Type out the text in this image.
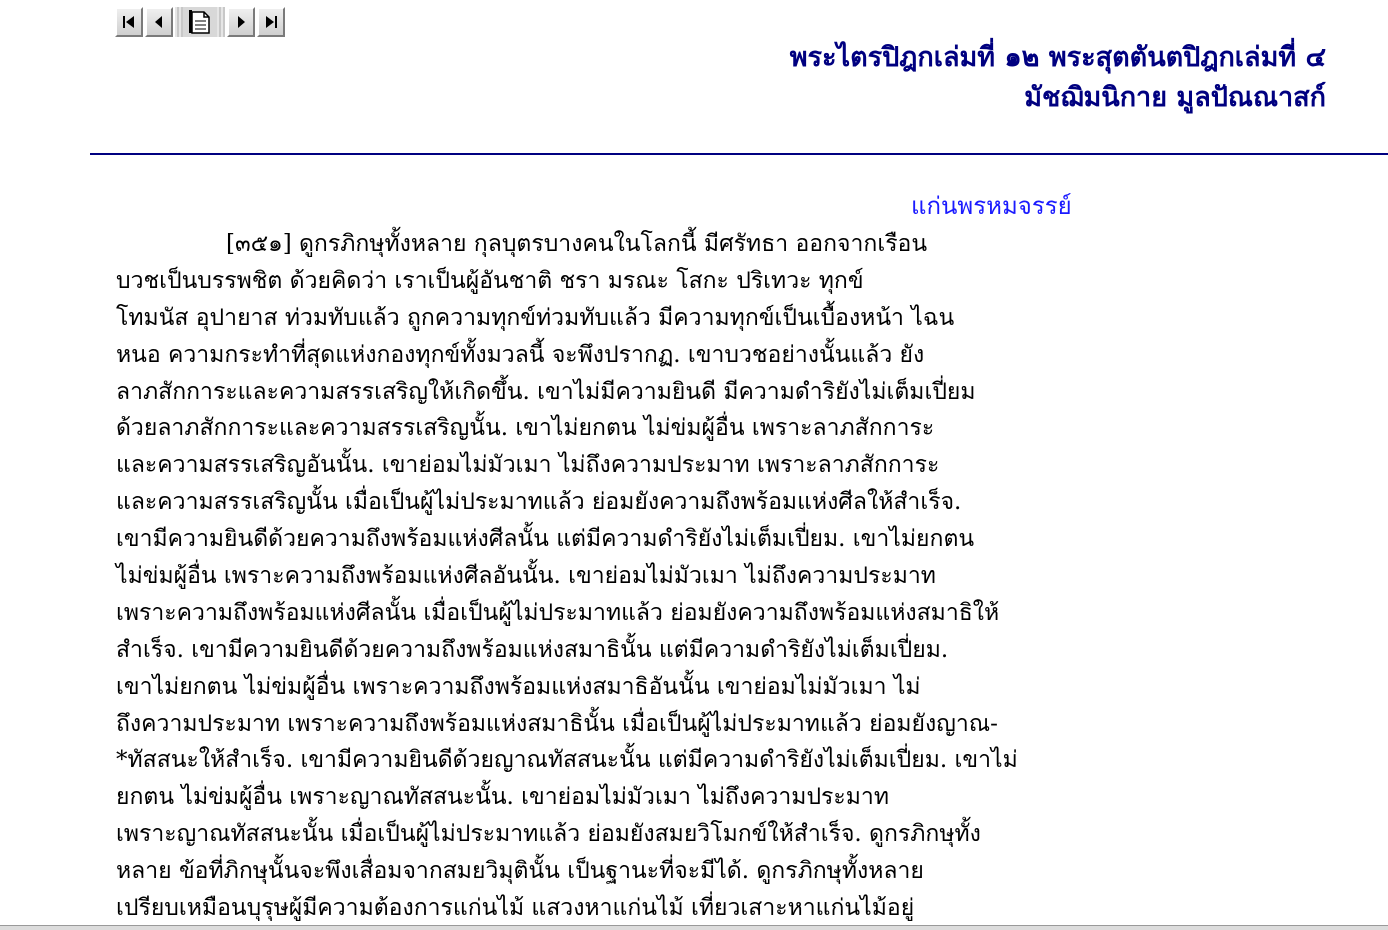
พระไตรปิฎกเล่มที่ ๑๒ พระสุตตันตปิฎกเล่มที่ ๔
มัชฌิมนิกาย มูลปัณณาสก์
แก่นพรหมจรรย์
[๓๕๑] ดูกรภิกษุทั้งหลาย กุลบุตรบางคนในโลกนี้ มีศรัทธา ออกจากเรือน
บวชเป็นบรรพชิต ด้วยคิดว่า เราเป็นผู้อันชาติ ชรา มรณะ โสกะ ปริเทวะ ทุกข์
โทมนัส อุปายาส ท่วมทับแล้ว ถูกความทุกข์ท่วมทับแล้ว มีความทุกข์เป็นเบื้องหน้า ไฉน
หนอ ความกระทำที่สุดแห่งกองทุกข์ทั้งมวลนี้ จะพึงปรากฏ. เขาบวชอย่างนั้นแล้ว ยัง
ลาภสักการะและความสรรเสริญให้เกิดขึ้น. เขาไม่มีความยินดี มีความดำริยังไม่เต็มเปี่ยม
ด้วยลาภสักการะและความสรรเสริญนั้น. เขาไม่ยกตน ไม่ข่มผู้อื่น เพราะลาภสักการะ
และความสรรเสริญอันนั้น. เขาย่อมไม่มัวเมา ไม่ถึงความประมาท เพราะลาภสักการะ
และความสรรเสริญนั้น เมื่อเป็นผู้ไม่ประมาทแล้ว ย่อมยังความถึงพร้อมแห่งศีลให้สำเร็จ.
เขามีความยินดีด้วยความถึงพร้อมแห่งศีลนั้น แต่มีความดำริยังไม่เต็มเปี่ยม. เขาไม่ยกตน
ไม่ข่มผู้อื่น เพราะความถึงพร้อมแห่งศีลอันนั้น. เขาย่อมไม่มัวเมา ไม่ถึงความประมาท
เพราะความถึงพร้อมแห่งศีลนั้น เมื่อเป็นผู้ไม่ประมาทแล้ว ย่อมยังความถึงพร้อมแห่งสมาธิให้
สำเร็จ. เขามีความยินดีด้วยความถึงพร้อมแห่งสมาธินั้น แต่มีความดำริยังไม่เต็มเปี่ยม.
เขาไม่ยกตน ไม่ข่มผู้อื่น เพราะความถึงพร้อมแห่งสมาธิอันนั้น เขาย่อมไม่มัวเมา ไม่
ถึงความประมาท เพราะความถึงพร้อมแห่งสมาธินั้น เมื่อเป็นผู้ไม่ประมาทแล้ว ย่อมยังญาณ-
*ทัสสนะให้สำเร็จ. เขามีความยินดีด้วยญาณทัสสนะนั้น แต่มีความดำริยังไม่เต็มเปี่ยม. เขาไม่
ยกตน ไม่ข่มผู้อื่น เพราะญาณทัสสนะนั้น. เขาย่อมไม่มัวเมา ไม่ถึงความประมาท
เพราะญาณทัสสนะนั้น เมื่อเป็นผู้ไม่ประมาทแล้ว ย่อมยังสมยวิโมกข์ให้สำเร็จ. ดูกรภิกษุทั้ง
หลาย ข้อที่ภิกษุนั้นจะพึงเสื่อมจากสมยวิมุตินั้น เป็นฐานะที่จะมีได้. ดูกรภิกษุทั้งหลาย
เปรียบเหมือนบุรุษผู้มีความต้องการแก่นไม้ แสวงหาแก่นไม้ เที่ยวเสาะหาแก่นไม้อยู่
